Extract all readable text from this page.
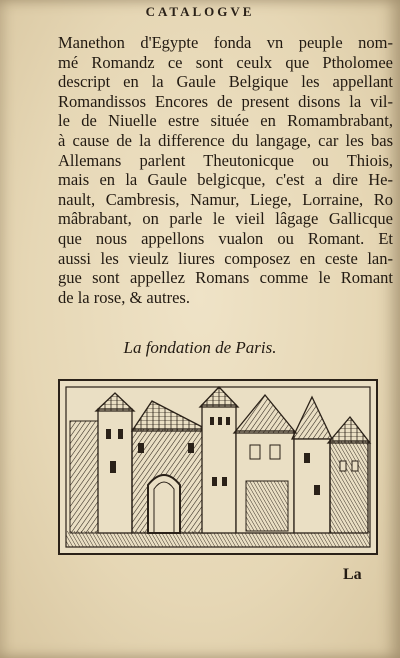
CATALOGVE
Manethon d'Egypte fonda vn peuple nom-
mé Romandz ce sont ceulx que Ptholomee
descript en la Gaule Belgique les appellant
Romandissos Encores de present disons la vil-
le de Niuelle estre située en Romambrabant,
à cause de la difference du langage, car les bas
Allemans parlent Theutonicque ou Thiois,
mais en la Gaule belgicque, c'est a dire He-
nault, Cambresis, Namur, Liege, Lorraine, Ro
mâbrabant, on parle le vieil lâgage Gallicque
que nous appellons vualon ou Romant. Et
aussi les vieulz liures composez en ceste lan-
gue sont appellez Romans comme le Romant
de la rose, & autres.
La fondation de Paris.
La
